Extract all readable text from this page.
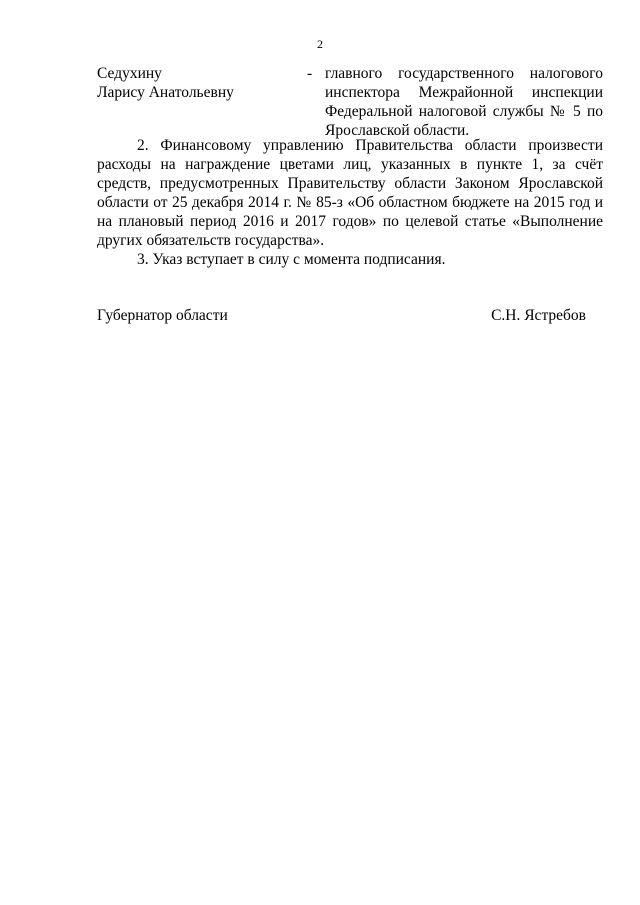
2
Седухину
Ларису Анатольевну
- главного государственного налогового
инспектора Межрайонной инспекции
Федеральной налоговой службы № 5 по
Ярославской области.

2. Финансовому управлению Правительства области произвести расходы на награждение цветами лиц, указанных в пункте 1, за счёт средств, предусмотренных Правительству области Законом Ярославской области от 25 декабря 2014 г. № 85-з «Об областном бюджете на 2015 год и на плановый период 2016 и 2017 годов» по целевой статье «Выполнение других обязательств государства».

3. Указ вступает в силу с момента подписания.

Губернатор области	С.Н. Ястребов
